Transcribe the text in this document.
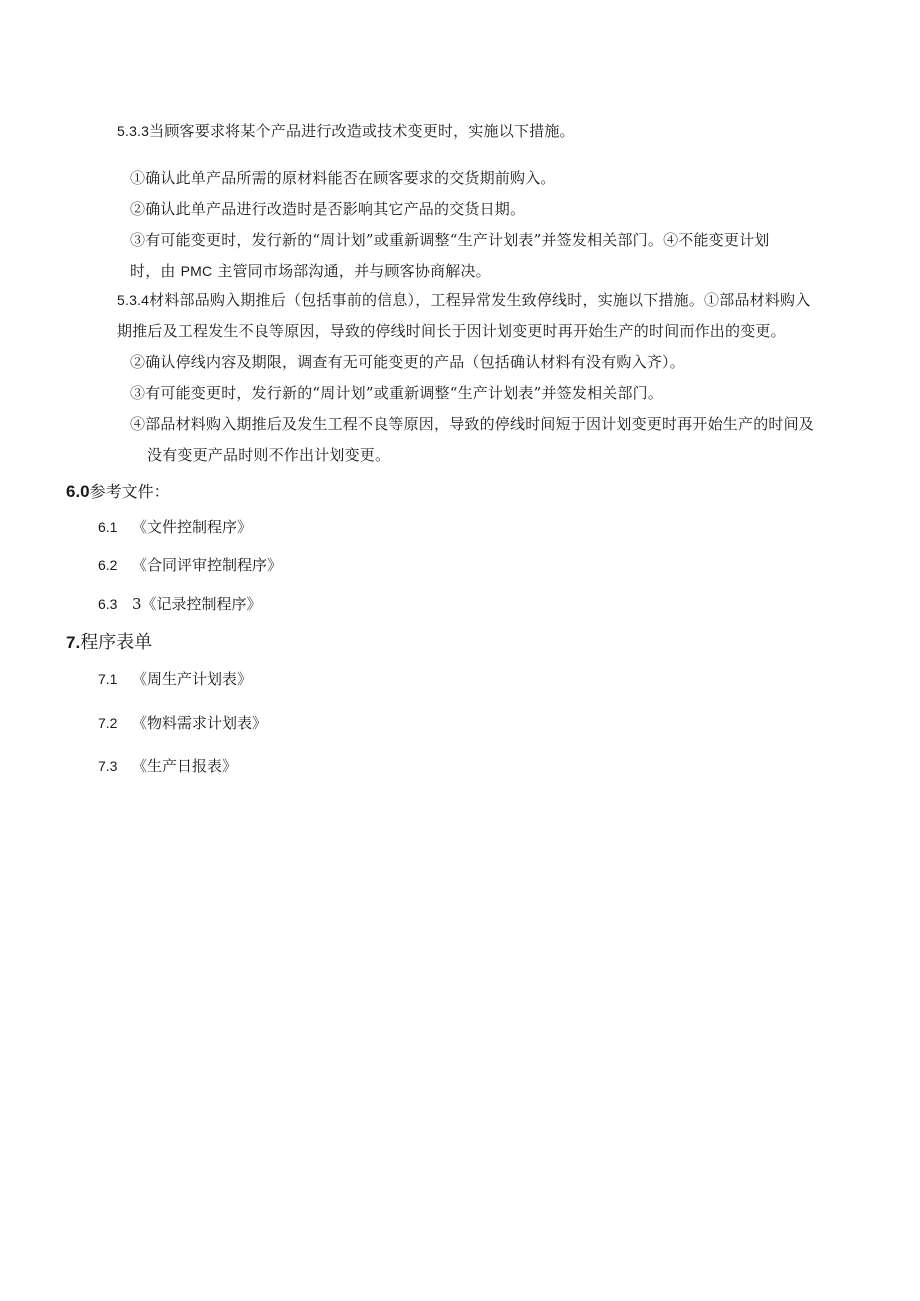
5.3.3当顾客要求将某个产品进行改造或技术变更时，实施以下措施。
①确认此单产品所需的原材料能否在顾客要求的交货期前购入。
②确认此单产品进行改造时是否影响其它产品的交货日期。
③有可能变更时，发行新的“周计划”或重新调整“生产计划表”并签发相关部门。④不能变更计划
时，由 PMC 主管同市场部沟通，并与顾客协商解决。
5.3.4材料部品购入期推后（包括事前的信息），工程异常发生致停线时，实施以下措施。①部品材料购入
期推后及工程发生不良等原因，导致的停线时间长于因计划变更时再开始生产的时间而作出的变更。
②确认停线内容及期限，调查有无可能变更的产品（包括确认材料有没有购入齐）。
③有可能变更时，发行新的“周计划”或重新调整“生产计划表”并签发相关部门。
④部品材料购入期推后及发生工程不良等原因，导致的停线时间短于因计划变更时再开始生产的时间及
没有变更产品时则不作出计划变更。
6.0参考文件：
6.1 《文件控制程序》
6.2 《合同评审控制程序》
6.3 3《记录控制程序》
7.程序表单
7.1 《周生产计划表》
7.2 《物料需求计划表》
7.3 《生产日报表》
